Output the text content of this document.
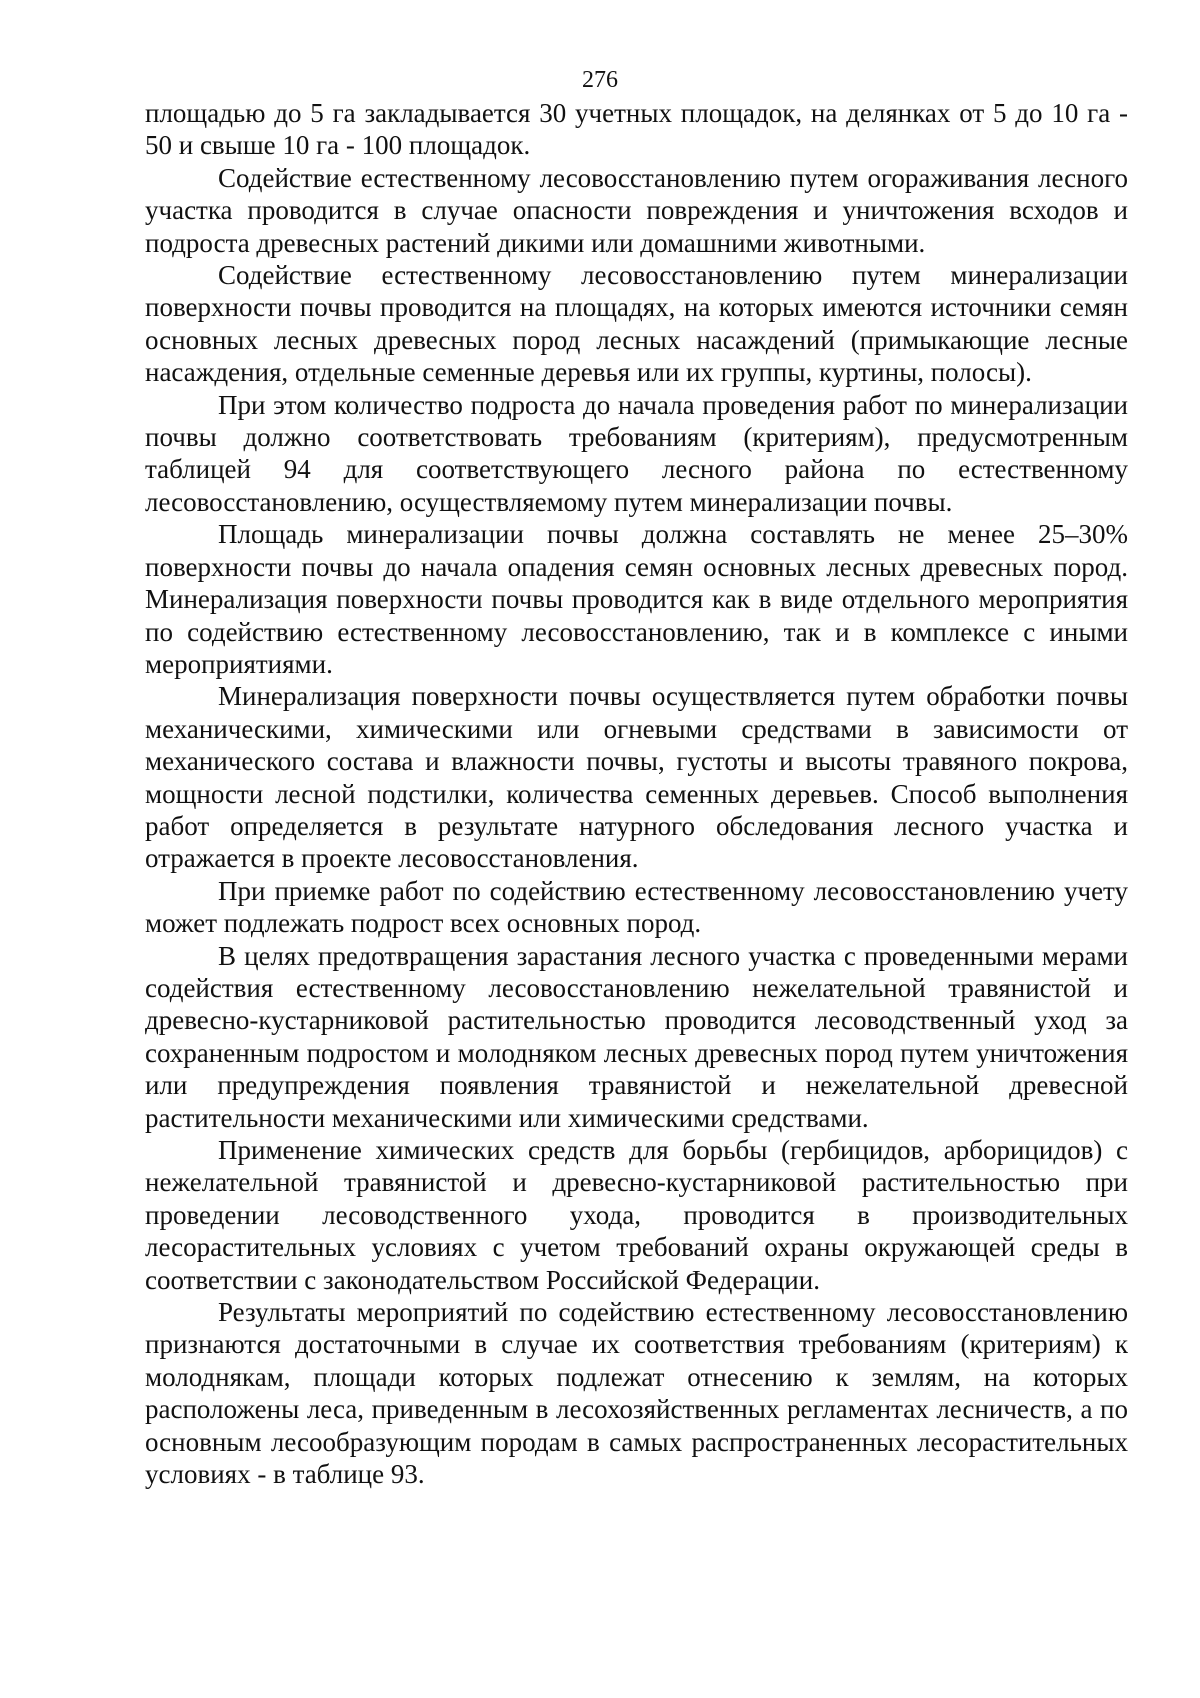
276

площадью до 5 га закладывается 30 учетных площадок, на делянках от 5 до 10 га - 50 и свыше 10 га - 100 площадок.

Содействие естественному лесовосстановлению путем огораживания лесного участка проводится в случае опасности повреждения и уничтожения всходов и подроста древесных растений дикими или домашними животными.

Содействие естественному лесовосстановлению путем минерализации поверхности почвы проводится на площадях, на которых имеются источники семян основных лесных древесных пород лесных насаждений (примыкающие лесные насаждения, отдельные семенные деревья или их группы, куртины, полосы).

При этом количество подроста до начала проведения работ по минерализации почвы должно соответствовать требованиям (критериям), предусмотренным таблицей 94 для соответствующего лесного района по естественному лесовосстановлению, осуществляемому путем минерализации почвы.

Площадь минерализации почвы должна составлять не менее 25–30% поверхности почвы до начала опадения семян основных лесных древесных пород. Минерализация поверхности почвы проводится как в виде отдельного мероприятия по содействию естественному лесовосстановлению, так и в комплексе с иными мероприятиями.

Минерализация поверхности почвы осуществляется путем обработки почвы механическими, химическими или огневыми средствами в зависимости от механического состава и влажности почвы, густоты и высоты травяного покрова, мощности лесной подстилки, количества семенных деревьев. Способ выполнения работ определяется в результате натурного обследования лесного участка и отражается в проекте лесовосстановления.

При приемке работ по содействию естественному лесовосстановлению учету может подлежать подрост всех основных пород.

В целях предотвращения зарастания лесного участка с проведенными мерами содействия естественному лесовосстановлению нежелательной травянистой и древесно-кустарниковой растительностью проводится лесоводственный уход за сохраненным подростом и молодняком лесных древесных пород путем уничтожения или предупреждения появления травянистой и нежелательной древесной растительности механическими или химическими средствами.

Применение химических средств для борьбы (гербицидов, арборицидов) с нежелательной травянистой и древесно-кустарниковой растительностью при проведении лесоводственного ухода, проводится в производительных лесорастительных условиях с учетом требований охраны окружающей среды в соответствии с законодательством Российской Федерации.

Результаты мероприятий по содействию естественному лесовосстановлению признаются достаточными в случае их соответствия требованиям (критериям) к молоднякам, площади которых подлежат отнесению к землям, на которых расположены леса, приведенным в лесохозяйственных регламентах лесничеств, а по основным лесообразующим породам в самых распространенных лесорастительных условиях - в таблице 93.
